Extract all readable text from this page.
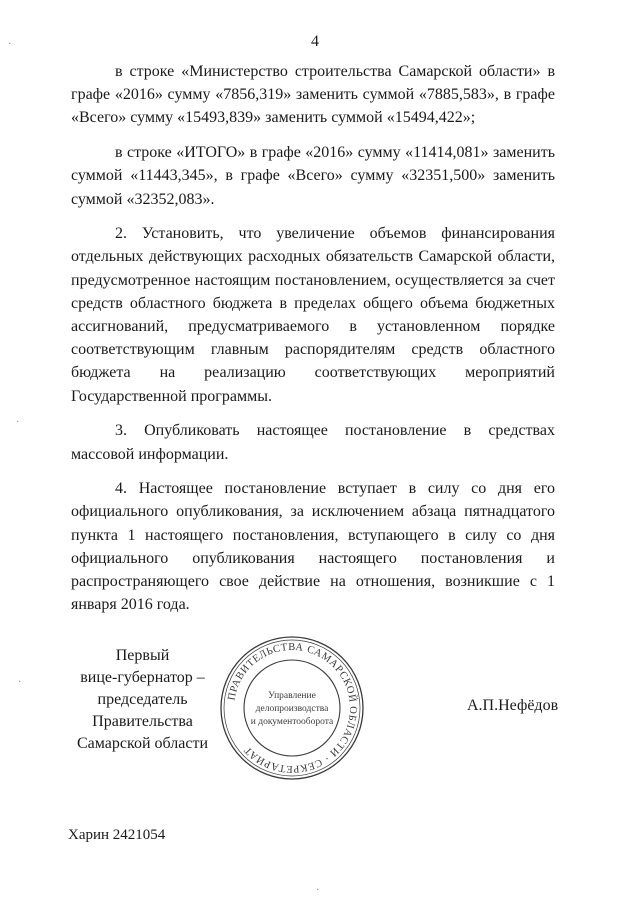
4

в строке «Министерство строительства Самарской области» в графе «2016» сумму «7856,319» заменить суммой «7885,583», в графе «Всего» сумму «15493,839» заменить суммой «15494,422»;

в строке «ИТОГО» в графе «2016» сумму «11414,081» заменить суммой «11443,345», в графе «Всего» сумму «32351,500» заменить суммой «32352,083».

2. Установить, что увеличение объемов финансирования отдельных действующих расходных обязательств Самарской области, предусмотренное настоящим постановлением, осуществляется за счет средств областного бюджета в пределах общего объема бюджетных ассигнований, предусматриваемого в установленном порядке соответствующим главным распорядителям средств областного бюджета на реализацию соответствующих мероприятий Государственной программы.

3. Опубликовать настоящее постановление в средствах массовой информации.

4. Настоящее постановление вступает в силу со дня его официального опубликования, за исключением абзаца пятнадцатого пункта 1 настоящего постановления, вступающего в силу со дня официального опубликования настоящего постановления и распространяющего свое действие на отношения, возникшие с 1 января 2016 года.

Первый
вице-губернатор –
председатель Правительства
Самарской области
ПРАВИТЕЛЬСТВА САМАРСКОЙ ОБЛАСТИ · СЕКРЕТАРИАТ
Управление
делопроизводства
и документооборота
А.П.Нефёдов
Харин 2421054
·
·
·
·
